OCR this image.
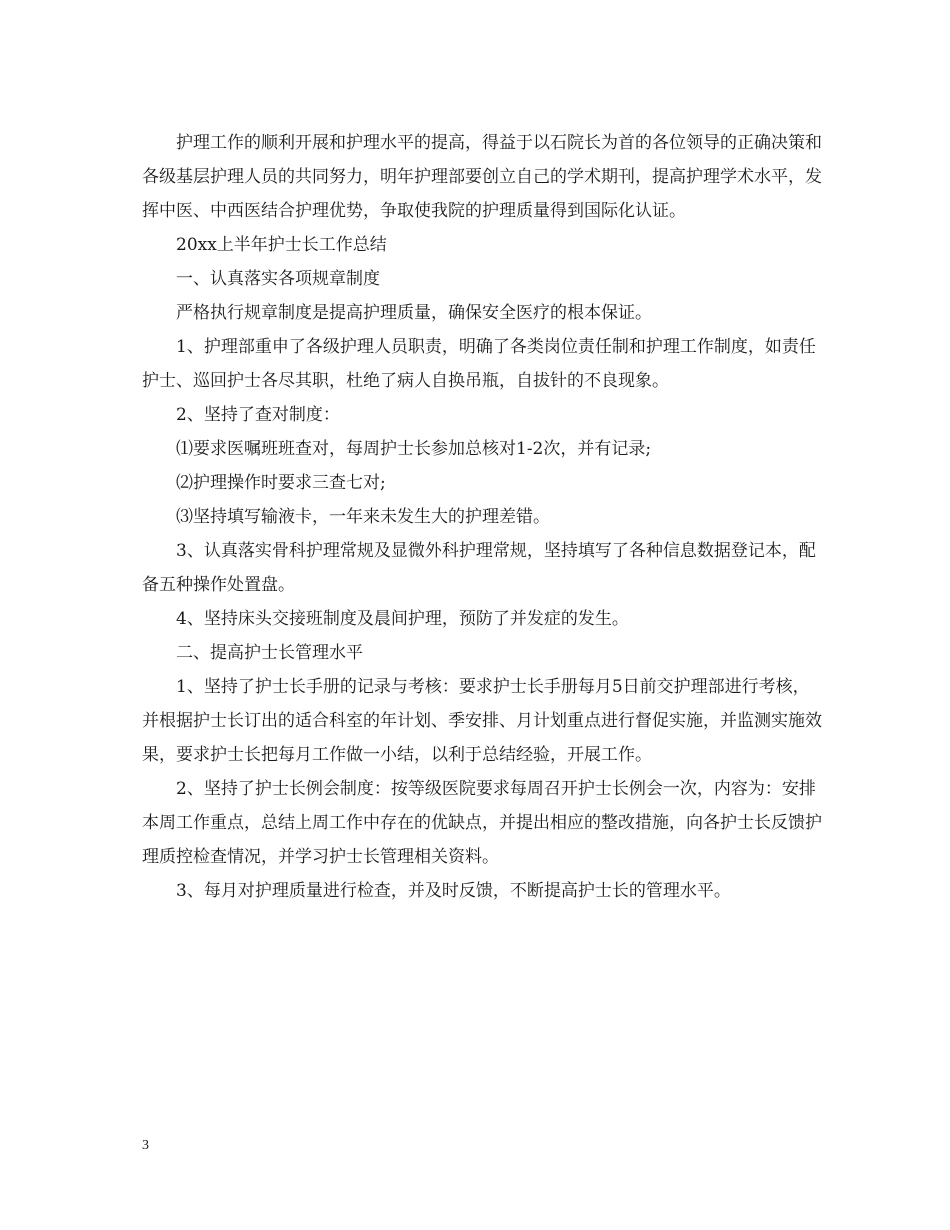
护理工作的顺利开展和护理水平的提高，得益于以石院长为首的各位领导的正确决策和各级基层护理人员的共同努力，明年护理部要创立自己的学术期刊，提高护理学术水平，发挥中医、中西医结合护理优势，争取使我院的护理质量得到国际化认证。

20xx上半年护士长工作总结

一、认真落实各项规章制度

严格执行规章制度是提高护理质量，确保安全医疗的根本保证。

1、护理部重申了各级护理人员职责，明确了各类岗位责任制和护理工作制度，如责任护士、巡回护士各尽其职，杜绝了病人自换吊瓶，自拔针的不良现象。

2、坚持了查对制度：

⑴要求医嘱班班查对，每周护士长参加总核对1-2次，并有记录;

⑵护理操作时要求三查七对;

⑶坚持填写输液卡，一年来未发生大的护理差错。

3、认真落实骨科护理常规及显微外科护理常规，坚持填写了各种信息数据登记本，配备五种操作处置盘。

4、坚持床头交接班制度及晨间护理，预防了并发症的发生。

二、提高护士长管理水平

1、坚持了护士长手册的记录与考核：要求护士长手册每月5日前交护理部进行考核，并根据护士长订出的适合科室的年计划、季安排、月计划重点进行督促实施，并监测实施效果，要求护士长把每月工作做一小结，以利于总结经验，开展工作。

2、坚持了护士长例会制度：按等级医院要求每周召开护士长例会一次，内容为：安排本周工作重点，总结上周工作中存在的优缺点，并提出相应的整改措施，向各护士长反馈护理质控检查情况，并学习护士长管理相关资料。

3、每月对护理质量进行检查，并及时反馈，不断提高护士长的管理水平。

3
